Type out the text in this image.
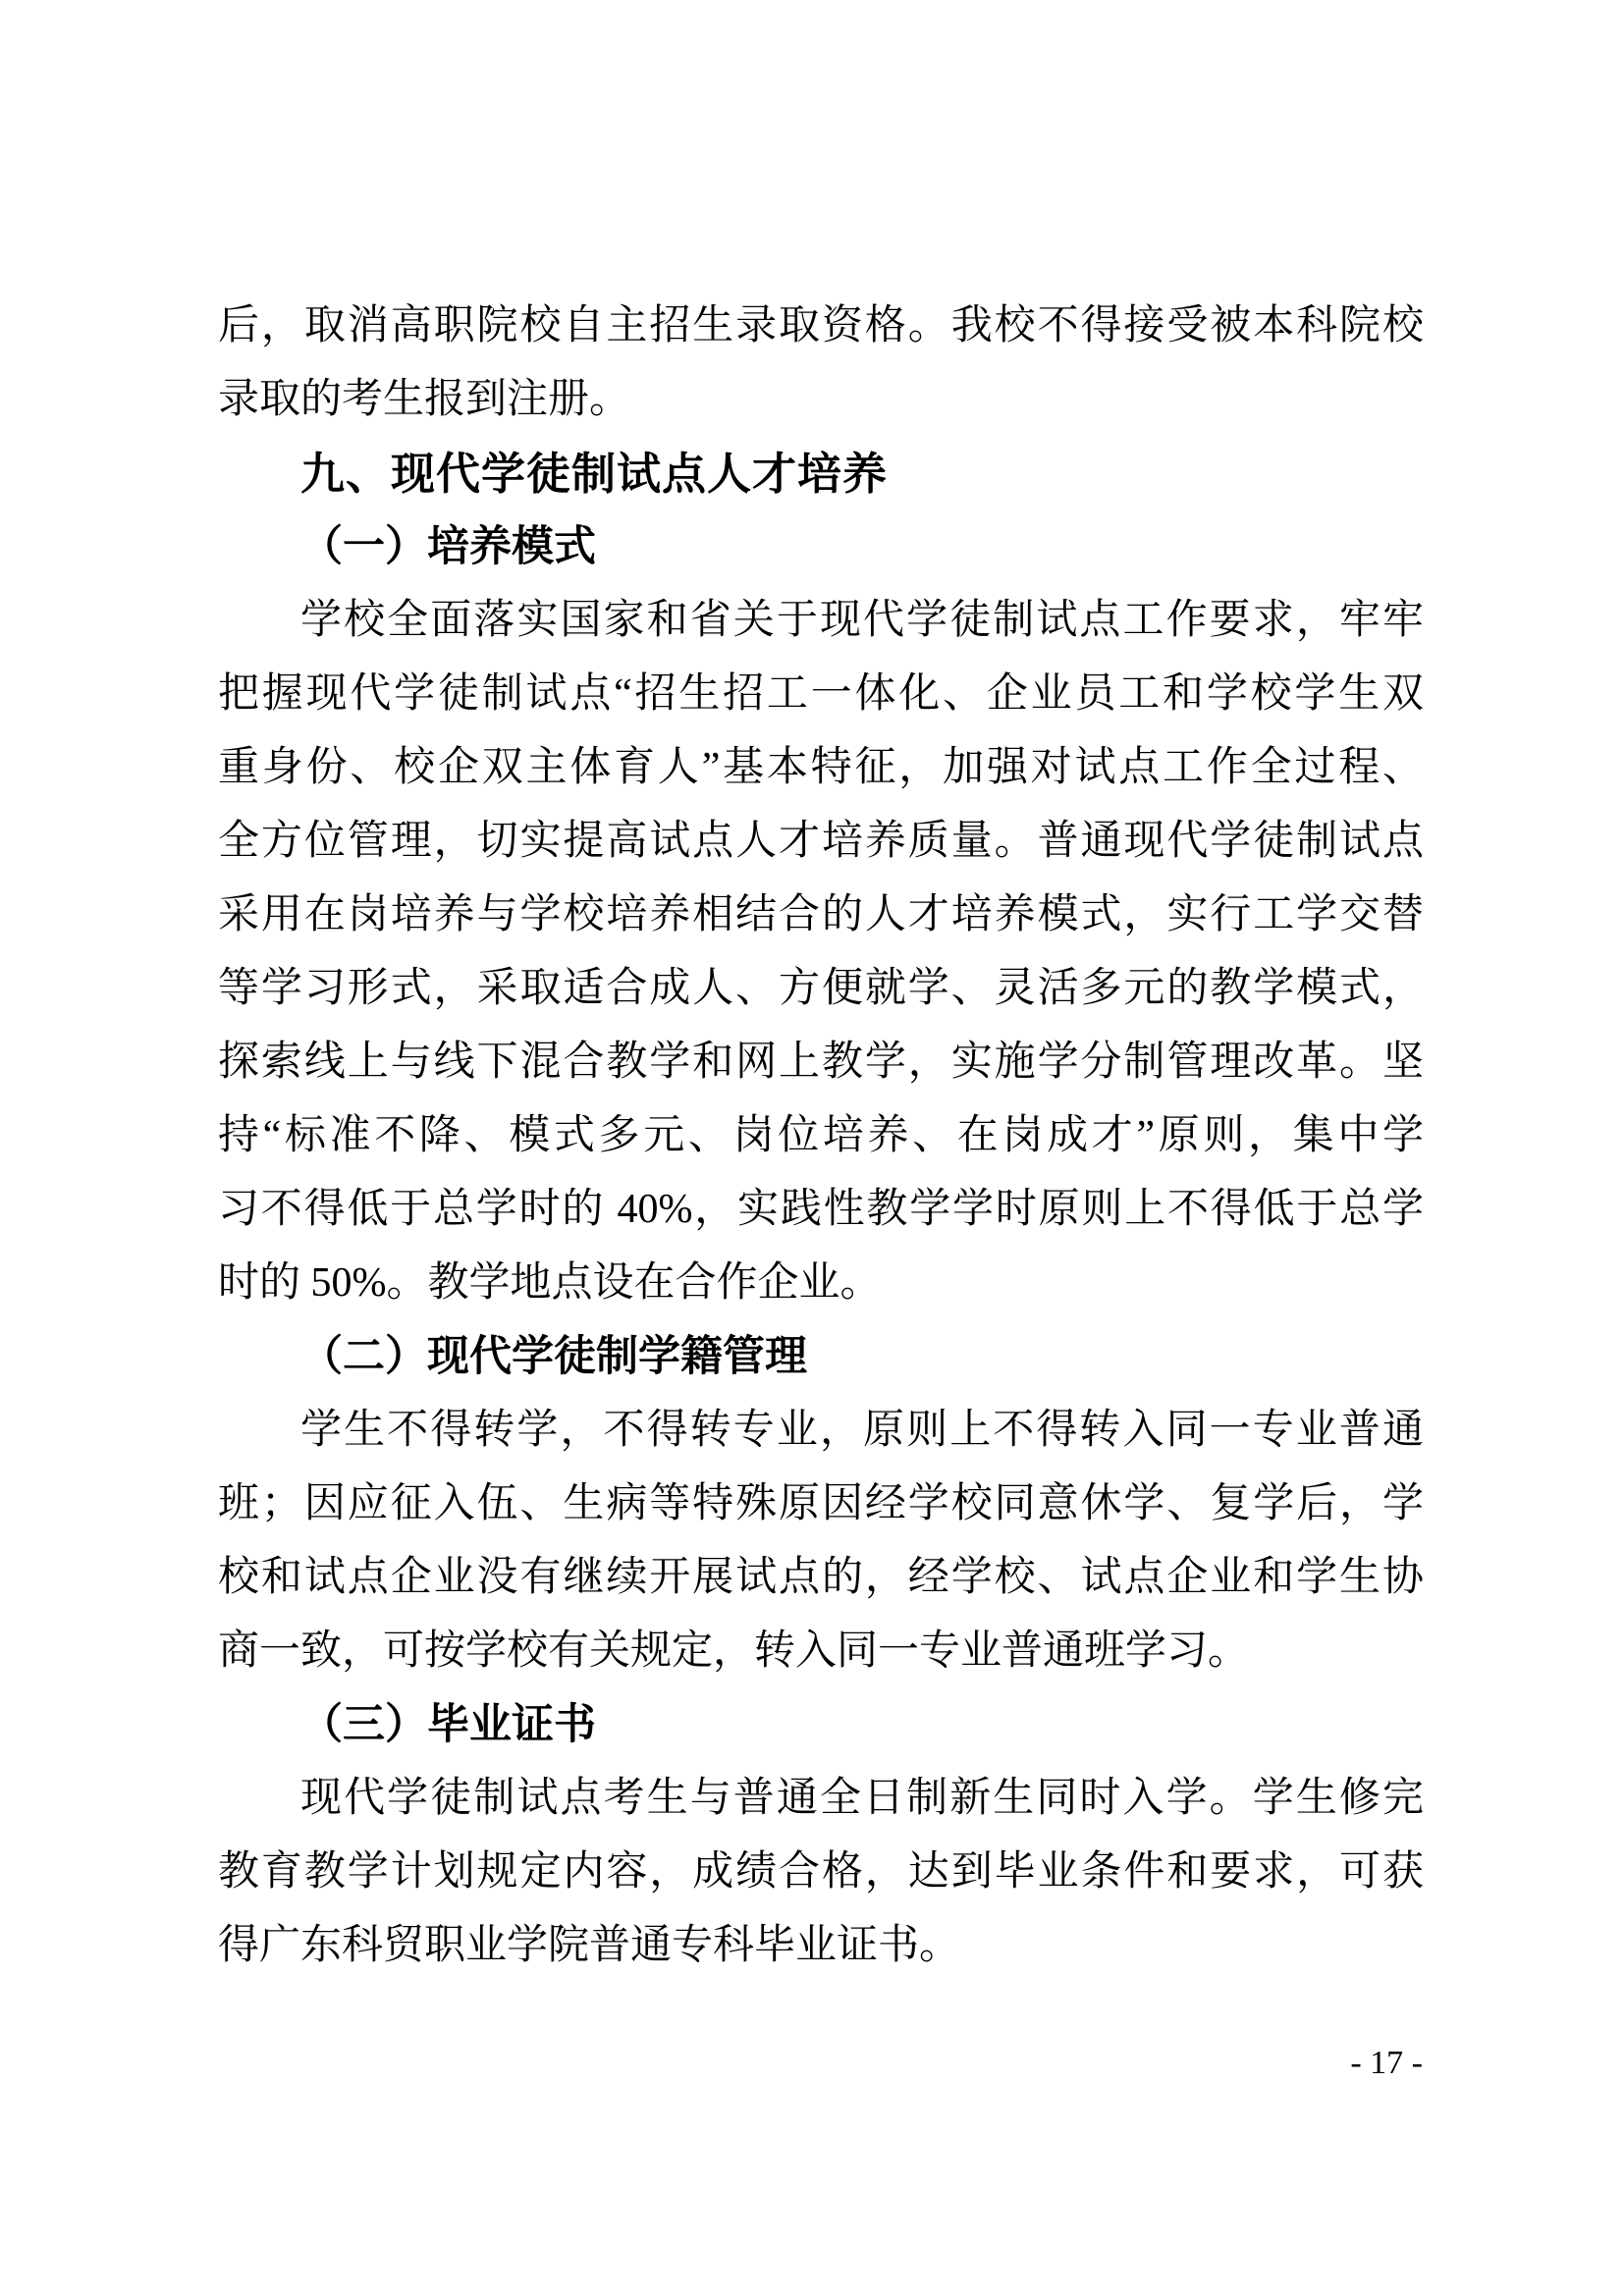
后，取消高职院校自主招生录取资格。我校不得接受被本科院校
录取的考生报到注册。
九、现代学徒制试点人才培养
（一）培养模式
学校全面落实国家和省关于现代学徒制试点工作要求，牢牢
把握现代学徒制试点“招生招工一体化、企业员工和学校学生双
重身份、校企双主体育人”基本特征，加强对试点工作全过程、
全方位管理，切实提高试点人才培养质量。普通现代学徒制试点
采用在岗培养与学校培养相结合的人才培养模式，实行工学交替
等学习形式，采取适合成人、方便就学、灵活多元的教学模式，
探索线上与线下混合教学和网上教学，实施学分制管理改革。坚
持“标准不降、模式多元、岗位培养、在岗成才”原则，集中学
习不得低于总学时的 40%，实践性教学学时原则上不得低于总学
时的 50%。教学地点设在合作企业。
（二）现代学徒制学籍管理
学生不得转学，不得转专业，原则上不得转入同一专业普通
班；因应征入伍、生病等特殊原因经学校同意休学、复学后，学
校和试点企业没有继续开展试点的，经学校、试点企业和学生协
商一致，可按学校有关规定，转入同一专业普通班学习。
（三）毕业证书
现代学徒制试点考生与普通全日制新生同时入学。学生修完
教育教学计划规定内容，成绩合格，达到毕业条件和要求，可获
得广东科贸职业学院普通专科毕业证书。
- 17 -
